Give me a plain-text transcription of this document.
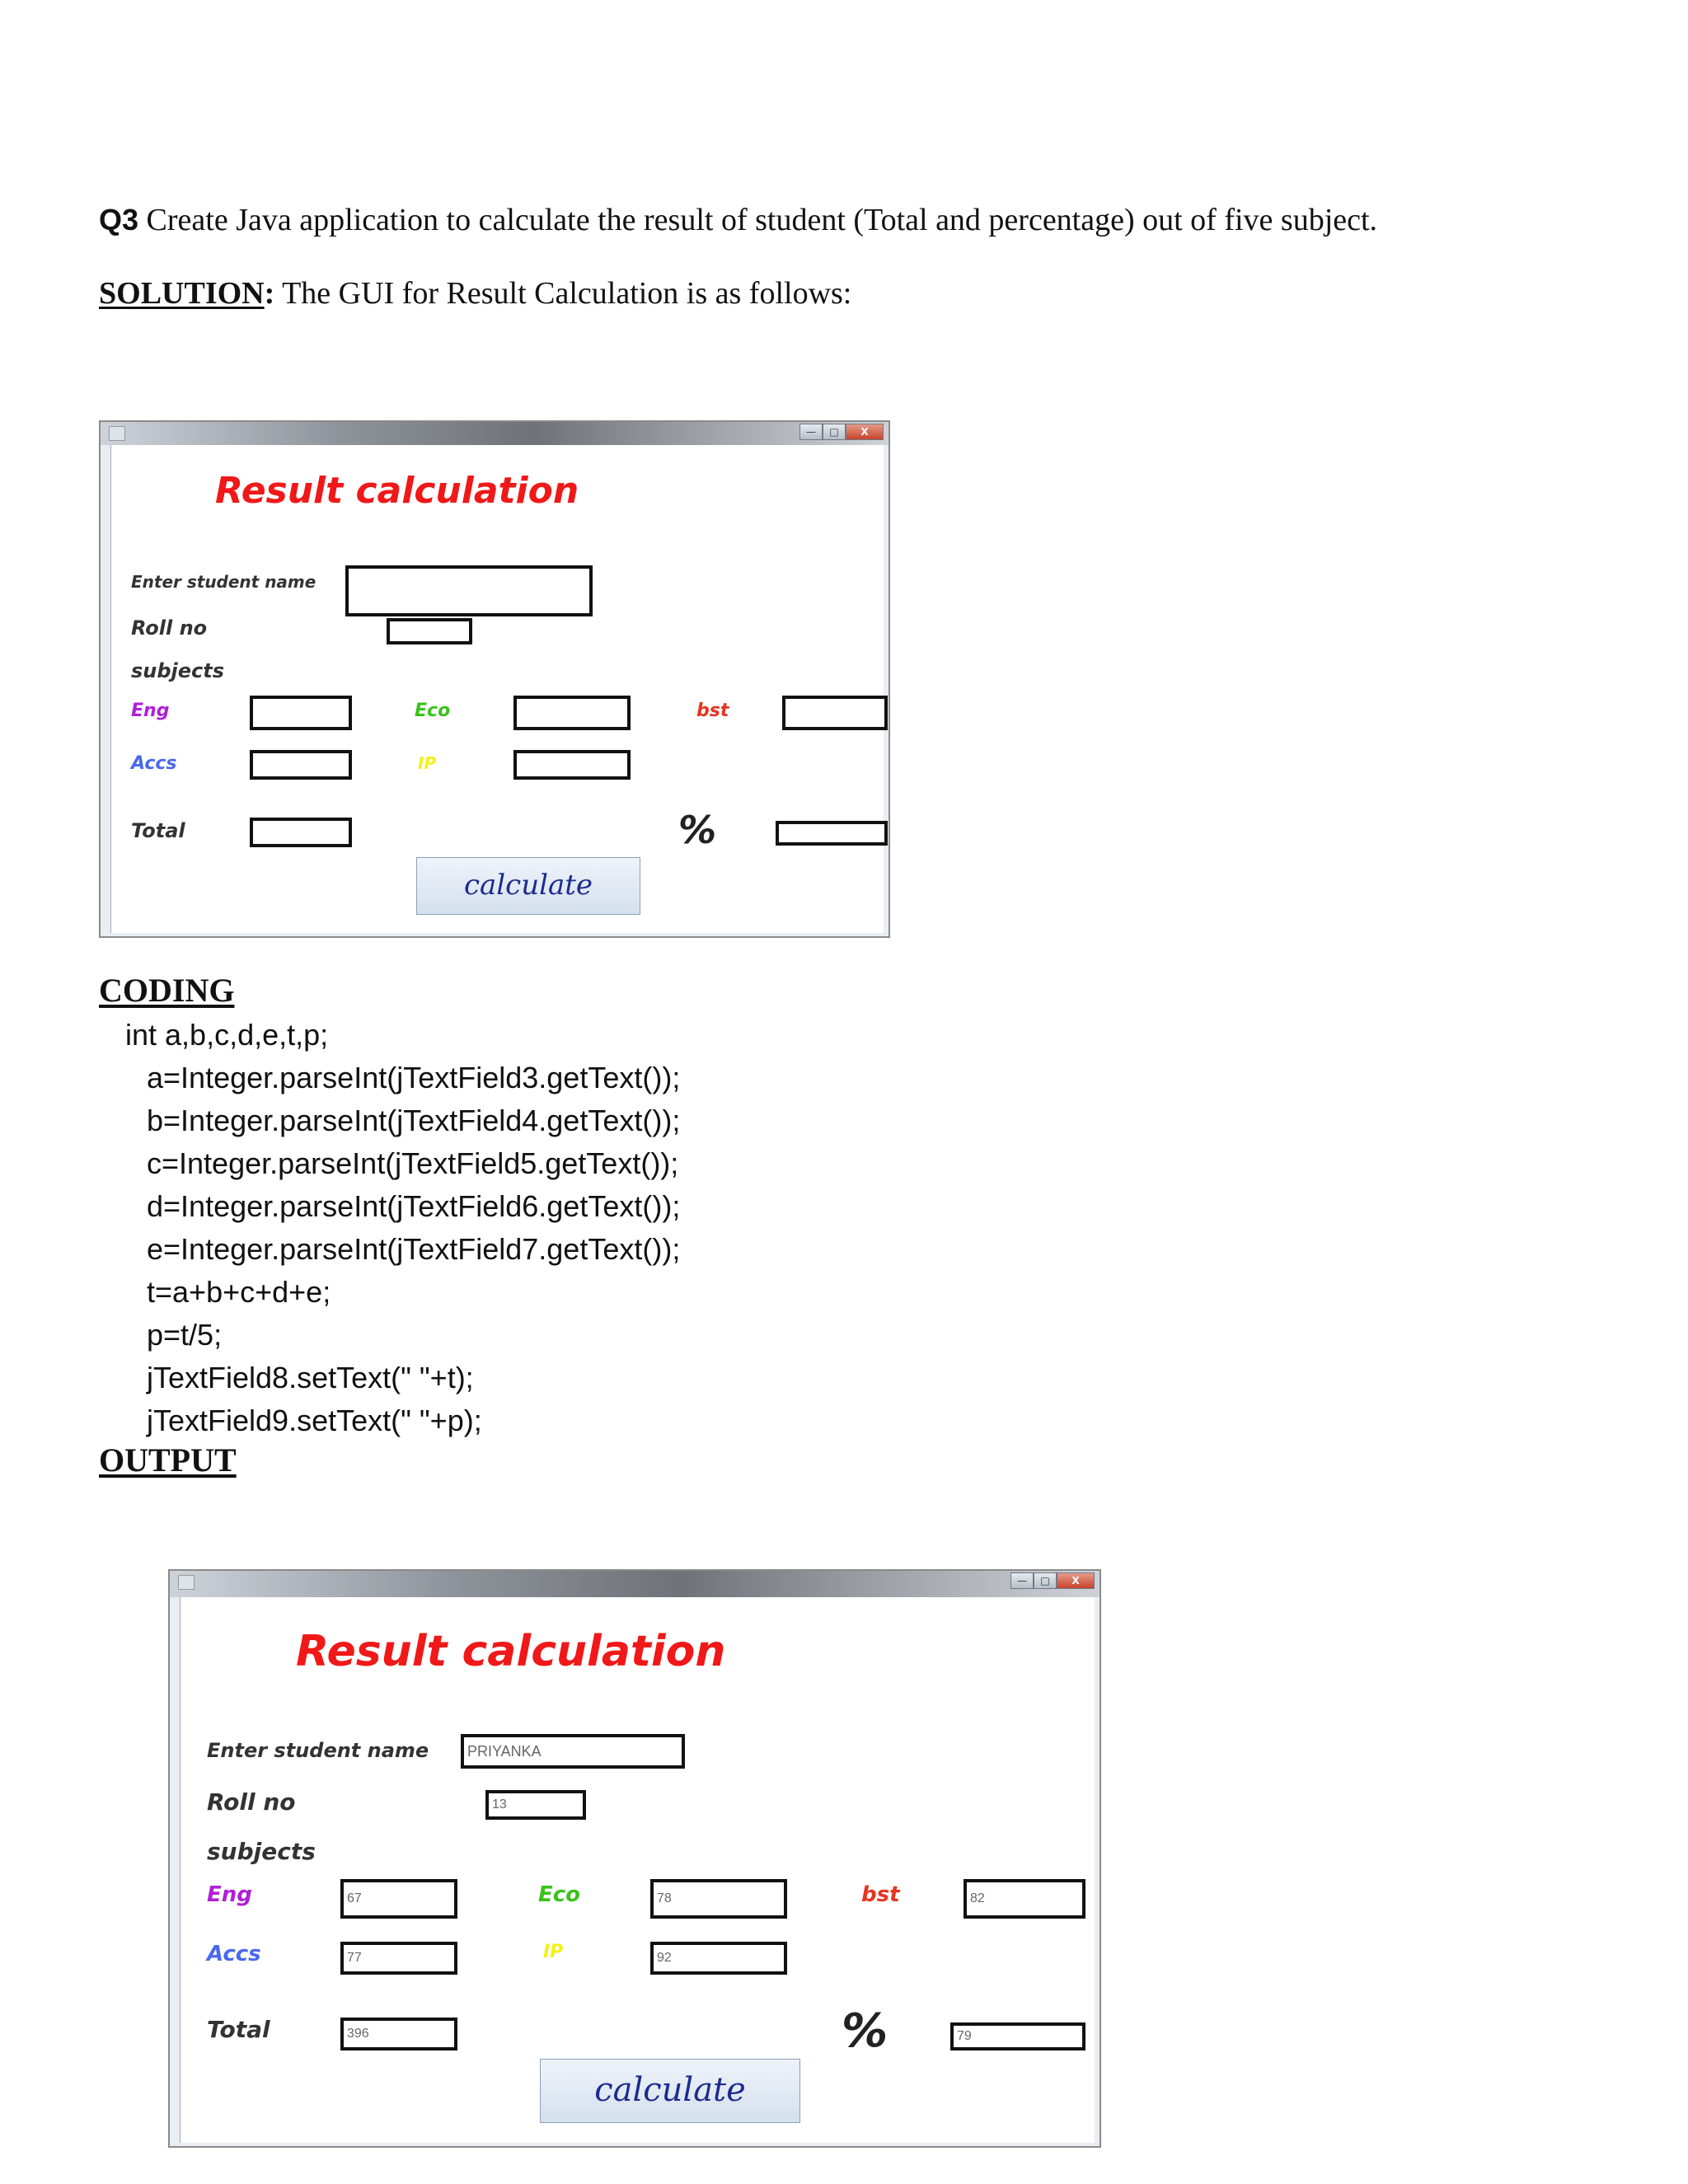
Q3 Create Java application to calculate the result of student (Total and percentage) out of five subject.
SOLUTION: The GUI for Result Calculation is as follows:
—	□	X
Result calculation
Enter student name
Roll no
subjects
Eng	Eco	bst
Accs	IP
Total	%
calculate
CODING
int a,b,c,d,e,t,p;
a=Integer.parseInt(jTextField3.getText());
b=Integer.parseInt(jTextField4.getText());
c=Integer.parseInt(jTextField5.getText());
d=Integer.parseInt(jTextField6.getText());
e=Integer.parseInt(jTextField7.getText());
t=a+b+c+d+e;
p=t/5;
jTextField8.setText(" "+t);
jTextField9.setText(" "+p);
OUTPUT
—	□	X
Result calculation
Enter student name	PRIYANKA
Roll no	13
subjects
Eng	67	Eco	78	bst	82
Accs	77	IP	92
Total	396	%	79
calculate
